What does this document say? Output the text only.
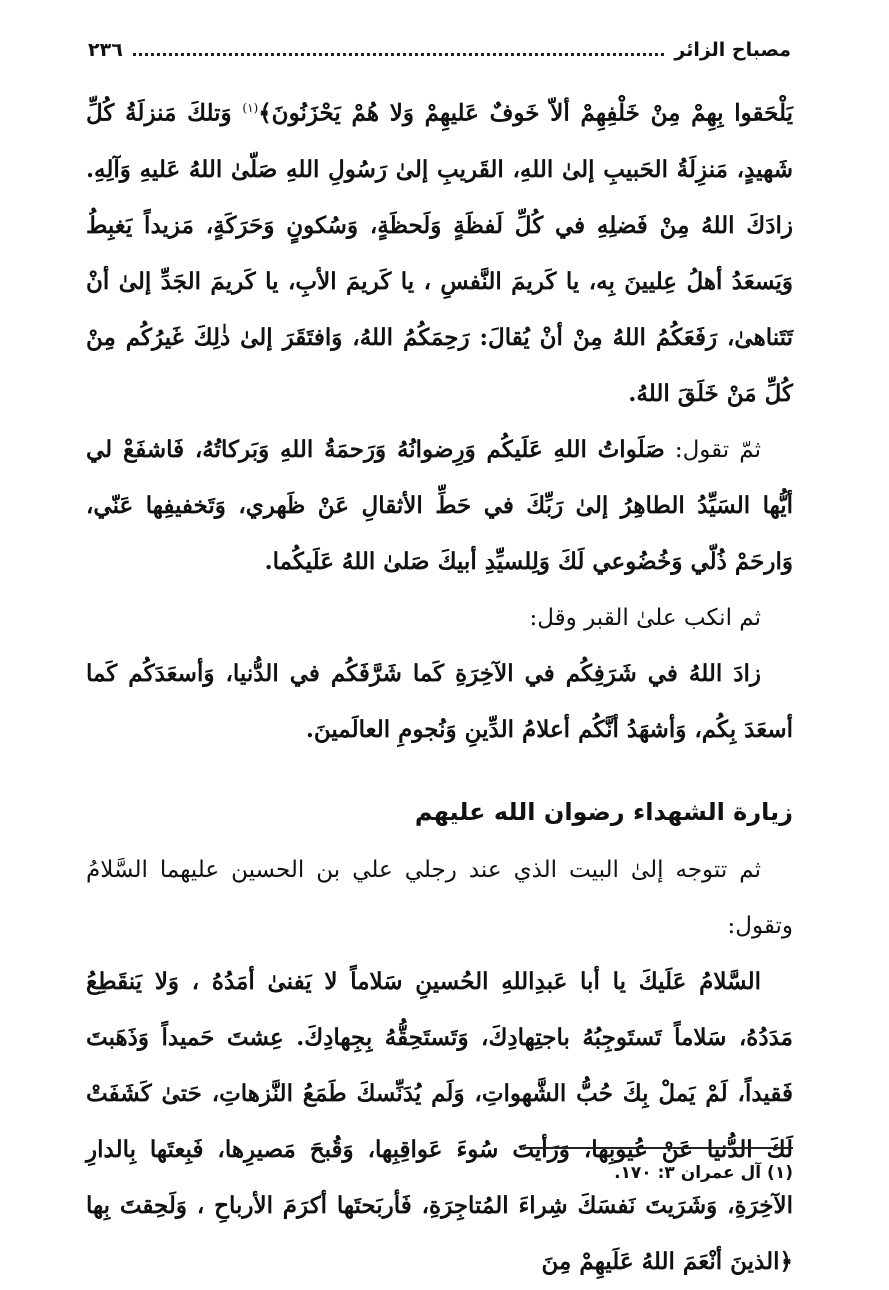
٢٣٦	مصباح الزائر

يَلْحَقوا بِهِمْ مِنْ خَلْفِهِمْ ألاّ خَوفٌ عَليهِمْ وَلا هُمْ يَحْزَنُونَ﴾$^{(١)}$ وَتلكَ مَنزلَةُ كُلِّ شَهيدٍ، مَنزِلَةُ الحَبيبِ إلىٰ اللهِ، القَريبِ إلىٰ رَسُولِ اللهِ صَلّىٰ اللهُ عَليهِ وَآلِهِ. زادَكَ اللهُ مِنْ فَضلِهِ في كُلِّ لَفظَةٍ وَلَحظَةٍ، وَسُكونٍ وَحَرَكَةٍ، مَزيداً يَغبِطُ وَيَسعَدُ أهلُ عِليينَ بِه، يا كَريمَ النَّفسِ ، يا كَريمَ الأبِ، يا كَريمَ الجَدِّ إلىٰ أنْ تَتَناهىٰ، رَفَعَكُمُ اللهُ مِنْ أنْ يُقالَ: رَحِمَكُمُ اللهُ، وَافتَقَرَ إلىٰ ذٰلِكَ غَيرُكُم مِنْ كُلِّ مَنْ خَلَقَ اللهُ.

ثمّ تقول: صَلَواتُ اللهِ عَلَيكُم وَرِضوانُهُ وَرَحمَةُ اللهِ وَبَركاتُهُ، فَاشفَعْ لي أيُّها السَيِّدُ الطاهِرُ إلىٰ رَبِّكَ في حَطِّ الأثقالِ عَنْ ظَهري، وَتَخفيفِها عَنّي، وَارحَمْ ذُلّي وَخُضُوعي لَكَ وَلِلسيِّدِ أبيكَ صَلىٰ اللهُ عَلَيكُما.

ثم انكب علىٰ القبر وقل:

زادَ اللهُ في شَرَفِكُم في الآخِرَةِ كَما شَرَّفَكُم في الدُّنيا، وَأسعَدَكُم كَما أسعَدَ بِكُم، وَأشهَدُ أنَّكُم أعلامُ الدِّينِ وَنُجومِ العالَمينَ.

زيارة الشهداء رضوان الله عليهم

ثم تتوجه إلىٰ البيت الذي عند رجلي علي بن الحسين عليهما السَّلامُ وتقول:

السَّلامُ عَلَيكَ يا أبا عَبدِاللهِ الحُسينِ سَلاماً لا يَفنىٰ أمَدُهُ ، وَلا يَنقَطِعُ مَدَدُهُ، سَلاماً تَستَوجِبُهُ باجتِهادِكَ، وَتَستَحِقُّهُ بِجِهادِكَ. عِشتَ حَميداً وَذَهَبتَ فَقيداً، لَمْ يَملْ بِكَ حُبُّ الشَّهواتِ، وَلَم يُدَنِّسكَ طَمَعُ النَّزهاتِ، حَتىٰ كَشَفَتْ لَكَ الدُّنيا عَنْ عُيوبِها، وَرَأيتَ سُوءَ عَواقِبِها، وَقُبحَ مَصيرِها، فَبِعتَها بِالدارِ الآخِرَةِ، وَشَرَيتَ نَفسَكَ شِراءَ المُتاجِرَةِ، فَأربَحتَها أكرَمَ الأرباحِ ، وَلَحِقتَ بِها ﴿الذينَ أنْعَمَ اللهُ عَلَيهِمْ مِنَ

(١) آل عمران ٣: ١٧٠.
